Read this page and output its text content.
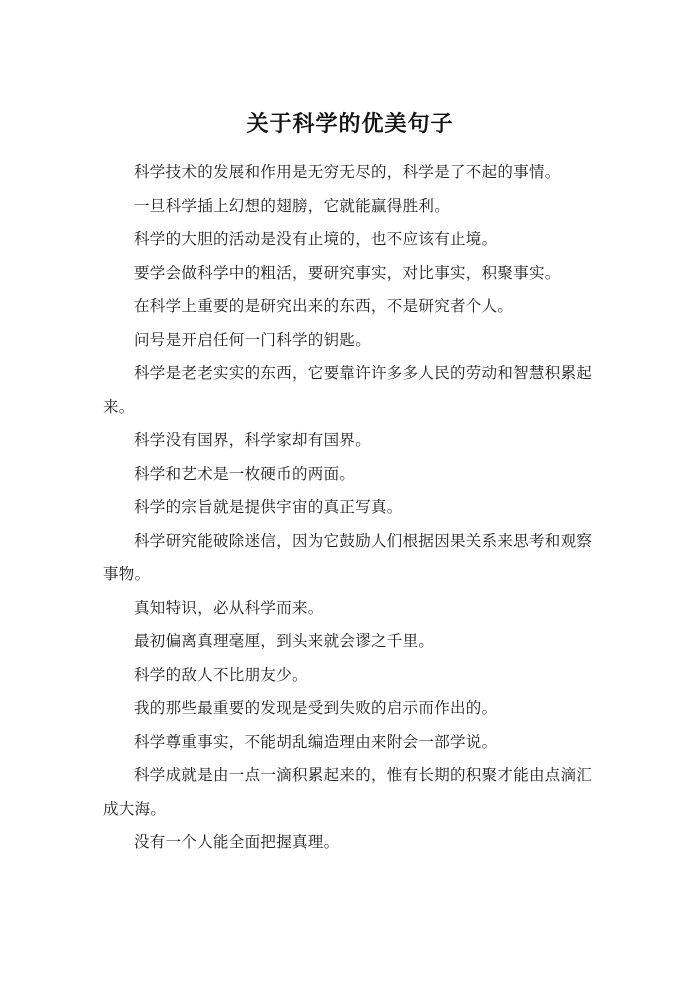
关于科学的优美句子

科学技术的发展和作用是无穷无尽的，科学是了不起的事情。

一旦科学插上幻想的翅膀，它就能赢得胜利。

科学的大胆的活动是没有止境的，也不应该有止境。

要学会做科学中的粗活，要研究事实，对比事实，积聚事实。

在科学上重要的是研究出来的东西，不是研究者个人。

问号是开启任何一门科学的钥匙。

科学是老老实实的东西，它要靠许许多多人民的劳动和智慧积累起来。

科学没有国界，科学家却有国界。

科学和艺术是一枚硬币的两面。

科学的宗旨就是提供宇宙的真正写真。

科学研究能破除迷信，因为它鼓励人们根据因果关系来思考和观察事物。

真知特识，必从科学而来。

最初偏离真理毫厘，到头来就会谬之千里。

科学的敌人不比朋友少。

我的那些最重要的发现是受到失败的启示而作出的。

科学尊重事实，不能胡乱编造理由来附会一部学说。

科学成就是由一点一滴积累起来的，惟有长期的积聚才能由点滴汇成大海。

没有一个人能全面把握真理。
